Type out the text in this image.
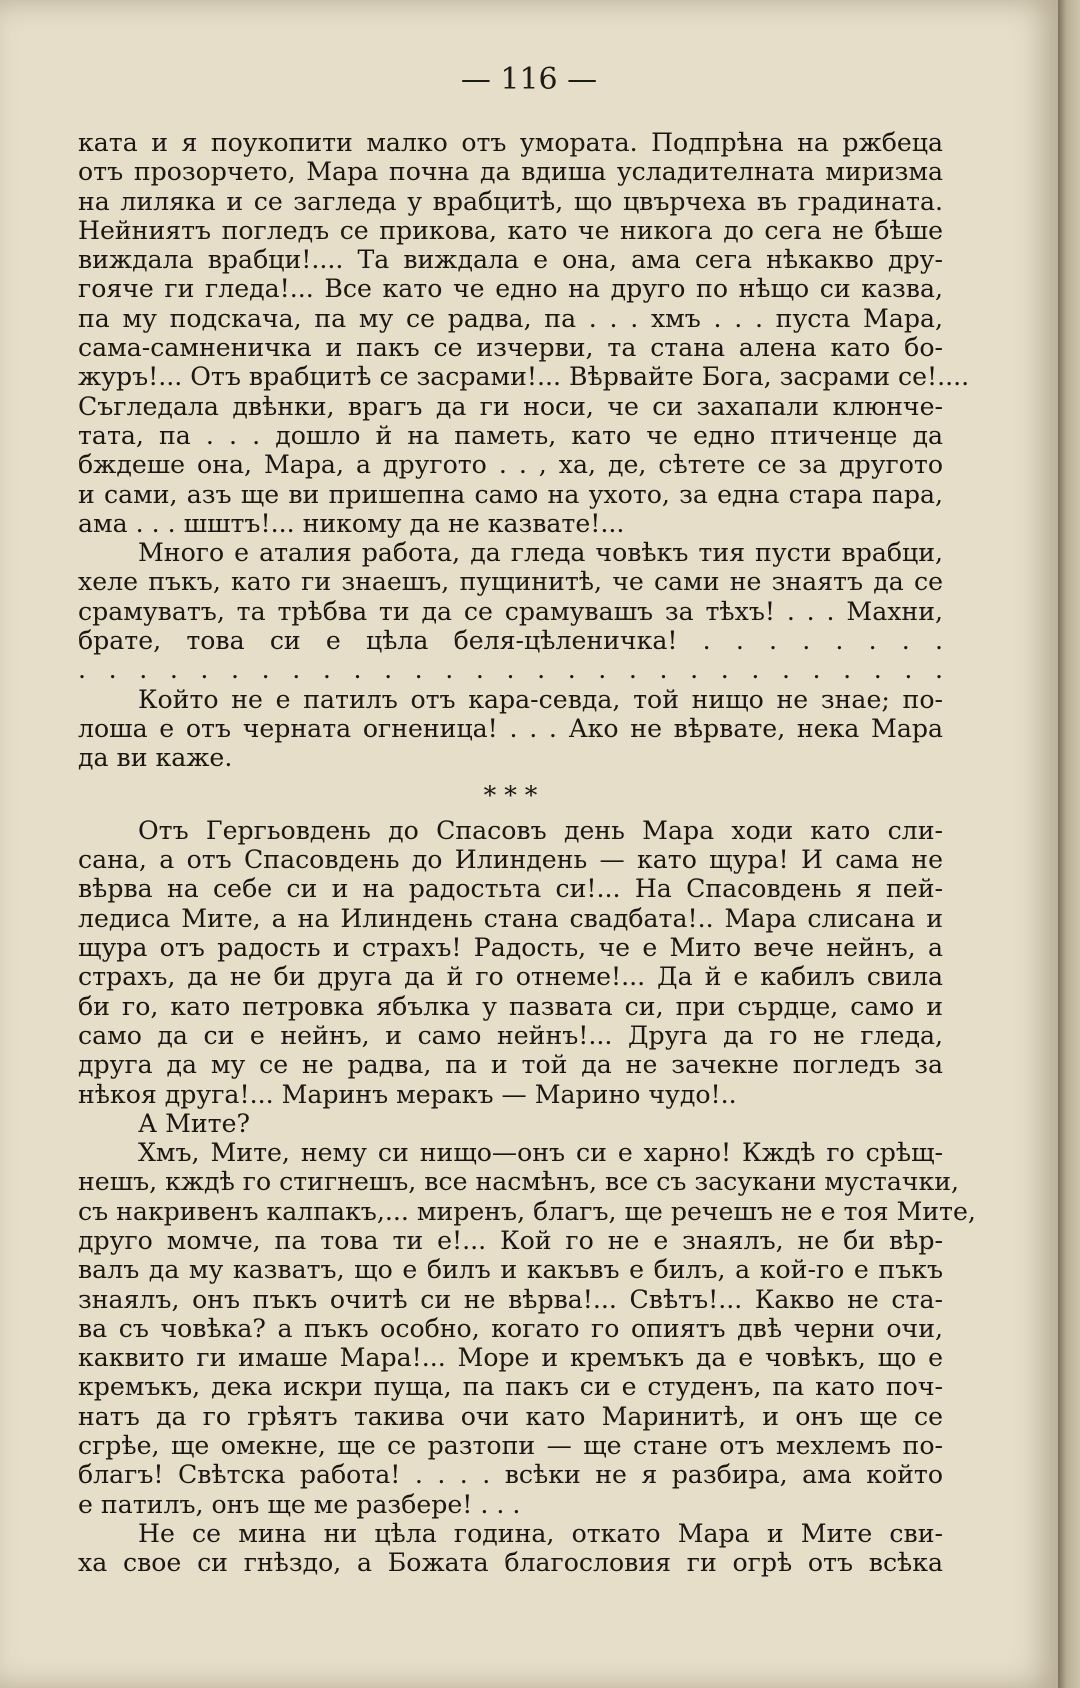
— 116 —
ката и я поукопити малко отъ умората. Подпрѣна на ржбеца
отъ прозорчето, Мара почна да вдиша усладителната миризма
на лиляка и се загледа у врабцитѣ, що цвърчеха въ градината.
Нейниятъ погледъ се прикова, като че никога до сега не бѣше
виждала врабци!.... Та виждала е она, ама сега нѣкакво дру-
гояче ги гледа!... Все като че едно на друго по нѣщо си казва,
па му подскача, па му се радва, па . . . хмъ . . . пуста Мара,
сама-самненичка и пакъ се изчерви, та стана алена като бо-
журъ!... Отъ врабцитѣ се засрами!... Вѣрвайте Бога, засрами се!....
Съгледала двѣнки, врагъ да ги носи, че си захапали клюнче-
тата, па . . . дошло й на паметь, като че едно птиченце да
бждеше она, Мара, а другото . . , ха, де, сѣтете се за другото
и сами, азъ ще ви пришепна само на ухото, за една стара пара,
ама . . . шштъ!... никому да не казвате!...
Много е аталия работа, да гледа човѣкъ тия пусти врабци,
хеле пъкъ, като ги знаешъ, пущинитѣ, че сами не знаятъ да се
срамуватъ, та трѣбва ти да се срамувашъ за тѣхъ! . . . Махни,
брате, това си е цѣла беля-цѣленичка! . . . . . . . .
. . . . . . . . . . . . . . . . . . . . . . . . . . . . .
Който не е патилъ отъ кара-севда, той нищо не знае; по-
лоша е отъ черната огненица! . . . Ако не вѣрвате, нека Мара
да ви каже.
* * *
Отъ Гергьовдень до Спасовъ день Мара ходи като сли-
сана, а отъ Спасовдень до Илиндень — като щура! И сама не
вѣрва на себе си и на радостьта си!... На Спасовдень я пей-
ледиса Мите, а на Илиндень стана свадбата!.. Мара слисана и
щура отъ радость и страхъ! Радость, че е Мито вече нейнъ, а
страхъ, да не би друга да й го отнеме!... Да й е кабилъ свила
би го, като петровка ябълка у пазвата си, при сърдце, само и
само да си е нейнъ, и само нейнъ!... Друга да го не гледа,
друга да му се не радва, па и той да не зачекне погледъ за
нѣкоя друга!... Маринъ меракъ — Марино чудо!..
А Мите?
Хмъ, Мите, нему си нищо—онъ си е харно! Кждѣ го срѣщ-
нешъ, кждѣ го стигнешъ, все насмѣнъ, все съ засукани мустачки,
съ накривенъ калпакъ,... миренъ, благъ, ще речешъ не е тоя Мите,
друго момче, па това ти е!... Кой го не е знаялъ, не би вѣр-
валъ да му казватъ, що е билъ и какъвъ е билъ, а кой-го е пъкъ
знаялъ, онъ пъкъ очитѣ си не вѣрва!... Свѣтъ!... Какво не ста-
ва съ човѣка? а пъкъ особно, когато го опиятъ двѣ черни очи,
каквито ги имаше Мара!... Море и кремъкъ да е човѣкъ, що е
кремъкъ, дека искри пуща, па пакъ си е студенъ, па като поч-
натъ да го грѣятъ такива очи като Маринитѣ, и онъ ще се
сгрѣе, ще омекне, ще се разтопи — ще стане отъ мехлемъ по-
благъ! Свѣтска работа! . . . . всѣки не я разбира, ама който
е патилъ, онъ ще ме разбере! . . .
Не се мина ни цѣла година, откато Мара и Мите сви-
ха свое си гнѣздо, а Божата благословия ги огрѣ отъ всѣка
